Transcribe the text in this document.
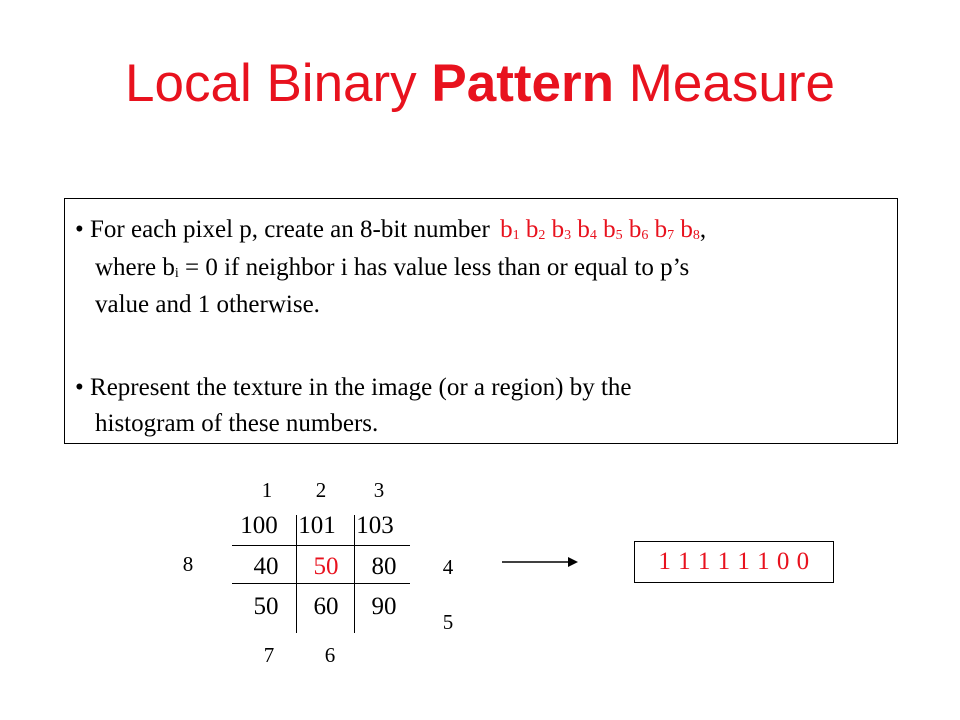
Local Binary Pattern Measure
• For each pixel p, create an 8-bit number b1 b2 b3 b4 b5 b6 b7 b8,
where bi = 0 if neighbor i has value less than or equal to p’s
value and 1 otherwise.
• Represent the texture in the image (or a region) by the
histogram of these numbers.
1	2	3
8	4
5
7	6
100 101 103
40	50	80
50	60	90
1 1 1 1 1 1 0 0
